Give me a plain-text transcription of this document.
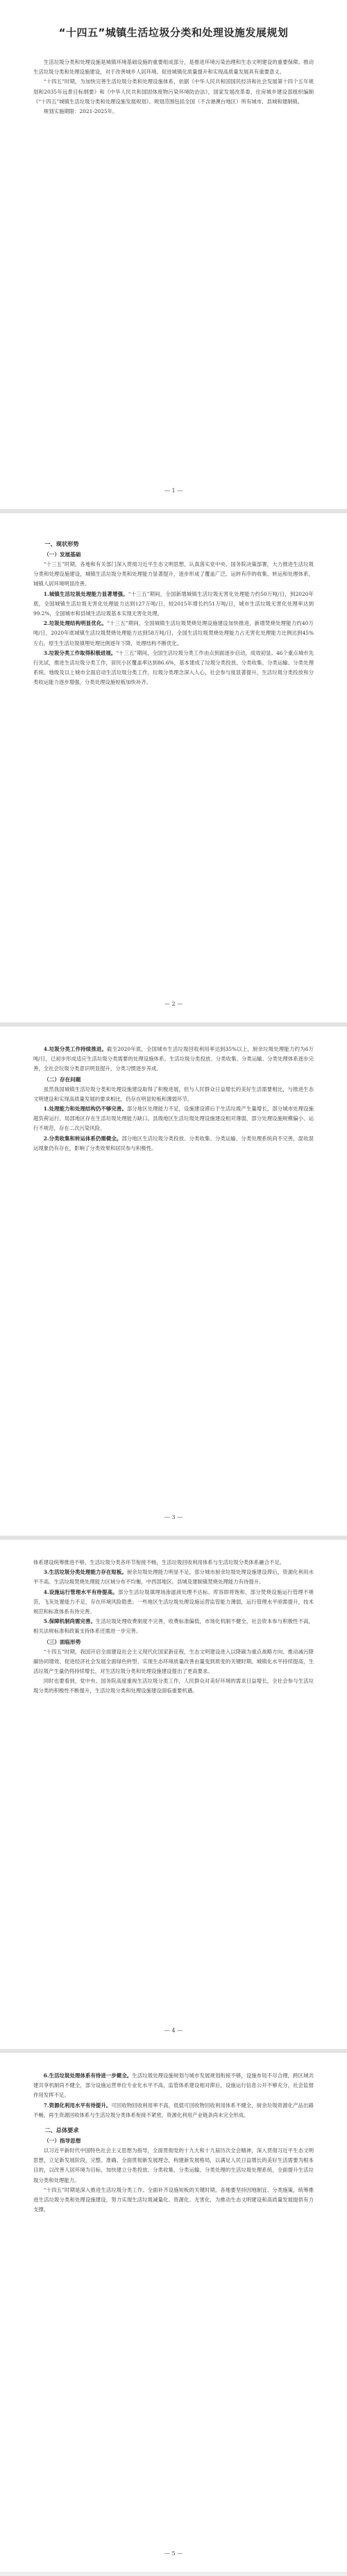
“十四五”城镇生活垃圾分类和处理设施发展规划

生活垃圾分类和处理设施是城镇环境基础设施的重要组成部分，是推进环境污染治理和生态文明建设的重要保障。推动生活垃圾分类和处理设施建设，对于改善城乡人居环境、促进城镇化质量提升和实现高质量发展具有重要意义。

“十四五”时期，为加快完善生活垃圾分类和处理设施体系，依据《中华人民共和国国民经济和社会发展第十四个五年规划和2035年远景目标纲要》和《中华人民共和国固体废物污染环境防治法》，国家发展改革委、住房城乡建设部组织编制《“十四五”城镇生活垃圾分类和处理设施发展规划》。规划范围包括全国（不含港澳台地区）所有城市、县城和建制镇。

规划实施期限：2021-2025年。

— 1 —
一、现状形势
（一）发展基础

“十三五”时期，各地和有关部门深入贯彻习近平生态文明思想，认真落实党中央、国务院决策部署，大力推进生活垃圾分类和处理设施建设，城镇生活垃圾分类和处理能力显著提升，逐步形成了覆盖广泛、运转有序的收集、转运和处理体系，城镇人居环境明显改善。

1.城镇生活垃圾处理能力显著增强。“十三五”期间，全国新增城镇生活垃圾无害化处理能力约50万吨/日，到2020年底，全国城镇生活垃圾无害化处理能力达到127万吨/日，较2015年增长约51万吨/日，城市生活垃圾无害化处理率达到99.2%，全国城市和县城生活垃圾基本实现无害化处理。

2.垃圾处理结构明显优化。“十三五”期间，全国城镇生活垃圾焚烧处理设施建设加快推进，新增焚烧处理能力约40万吨/日，2020年底城镇生活垃圾焚烧处理能力达到58万吨/日，全国生活垃圾焚烧处理能力占无害化处理能力比例达到45%左右，原生生活垃圾填埋处理比例逐年下降，处理结构不断优化。

3.垃圾分类工作取得积极进展。“十三五”期间，全国生活垃圾分类工作由点到面逐步启动，成效初显。46个重点城市先行先试，推进生活垃圾分类工作，居民小区覆盖率达到86.6%，基本建成了垃圾分类投放、分类收集、分类运输、分类处理系统。地级及以上城市全面启动生活垃圾分类工作，垃圾分类理念深入人心，社会参与度显著提升，生活垃圾分类投放和分类收运能力逐步增强，分类处理设施短板加快补齐。

— 2 —

4.垃圾分类工作持续推进。截至2020年底，全国城市生活垃圾回收利用率达到35%以上，厨余垃圾处理能力约为6万吨/日，已初步形成适应生活垃圾分类需要的处理设施体系。生活垃圾分类投放、分类收集、分类运输、分类处理体系逐步完善，全社会垃圾分类意识明显提升，分类习惯逐步养成。

（二）存在问题

虽然我国城镇生活垃圾分类和处理设施建设取得了积极进展，但与人民群众日益增长的美好生活需要相比，与推进生态文明建设和实现高质量发展的要求相比，仍存在明显短板和薄弱环节。

1.处理能力和处理结构仍不够完善。部分地区处理能力不足，设施建设滞后于生活垃圾产生量增长，部分城市处理设施超负荷运行，局部地区存在生活垃圾处理能力缺口。县级地区生活垃圾处理设施建设相对薄弱，部分处理设施规模偏小、运行不规范，存在二次污染风险。

2.分类收集和转运体系仍需健全。部分地区生活垃圾分类投放、分类收集、分类运输、分类处理系统尚不完善，混收混运现象仍有存在，影响了分类效果和居民参与积极性。

— 3 —

体系建设统筹推进不够，生活垃圾分类各环节衔接不畅，生活垃圾回收利用体系与生活垃圾分类体系融合不足。

3.生活垃圾分类处理能力存在短板。厨余垃圾处理能力明显不足，部分城市厨余垃圾处理设施建设滞后，资源化利用水平不高。生活垃圾焚烧处理能力区域分布不均衡，中西部地区、县城及建制镇焚烧处理能力有待提升。

4.设施运行管理水平有待提高。部分生活垃圾填埋场渗滤液处理不达标、库容即将饱和，部分焚烧设施运行管理不规范，飞灰处置能力不足，存在环境风险隐患；一些地区生活垃圾处理设施运营监管能力薄弱，运行管理水平亟需提升，技术规范和标准体系有待完善。

5.保障机制尚需完善。生活垃圾处理收费制度不完善，收费标准偏低，市场化机制不健全，社会资本参与积极性不高，相关法规标准和政策支持体系还需进一步完善。

（三）面临形势

“十四五”时期，我国开启全面建设社会主义现代化国家新征程，生态文明建设进入以降碳为重点战略方向、推动减污降碳协同增效、促进经济社会发展全面绿色转型、实现生态环境质量改善由量变到质变的关键时期。城镇化水平持续提高，生活垃圾产生量仍将持续增长，对生活垃圾分类和处理设施建设提出了更高要求。

同时也要看到，党中央、国务院高度重视生活垃圾分类工作，人民群众对美好环境的需求日益增长，全社会参与生活垃圾分类的积极性不断提升，生活垃圾分类和处理设施建设面临重要机遇。

— 4 —

6.生活垃圾处理体系有待进一步健全。生活垃圾处理设施规划与城市发展规划衔接不够，设施布局不尽合理，跨区域共建共享机制尚不健全，部分设施运营单位专业化水平不高，监管体系建设相对滞后，设施运行信息公开不够充分，社会监督作用发挥不足。

7.资源化利用水平有待提升。可回收物回收利用率不高，低值可回收物回收利用体系不健全，厨余垃圾资源化产品出路不畅，再生资源回收体系与生活垃圾分类体系衔接不紧密，资源化利用产业链条尚未完全形成。

二、总体要求
（一）指导思想

以习近平新时代中国特色社会主义思想为指导，全面贯彻党的十九大和十九届历次全会精神，深入贯彻习近平生态文明思想，立足新发展阶段，完整、准确、全面贯彻新发展理念，构建新发展格局，以满足人民日益增长的美好生活需要为根本目的，以改善人居环境为目标，加快建立分类投放、分类收集、分类运输、分类处理的生活垃圾处理系统，全面提升生活垃圾分类和处理能力。

“十四五”时期是深入推进生活垃圾分类工作、全面补齐设施短板的关键时期，各地要坚持因地制宜、分类施策，统筹推进生活垃圾分类和处理设施建设，努力实现生活垃圾减量化、资源化、无害化，为推动生态文明建设和高质量发展提供有力支撑。

— 5 —
